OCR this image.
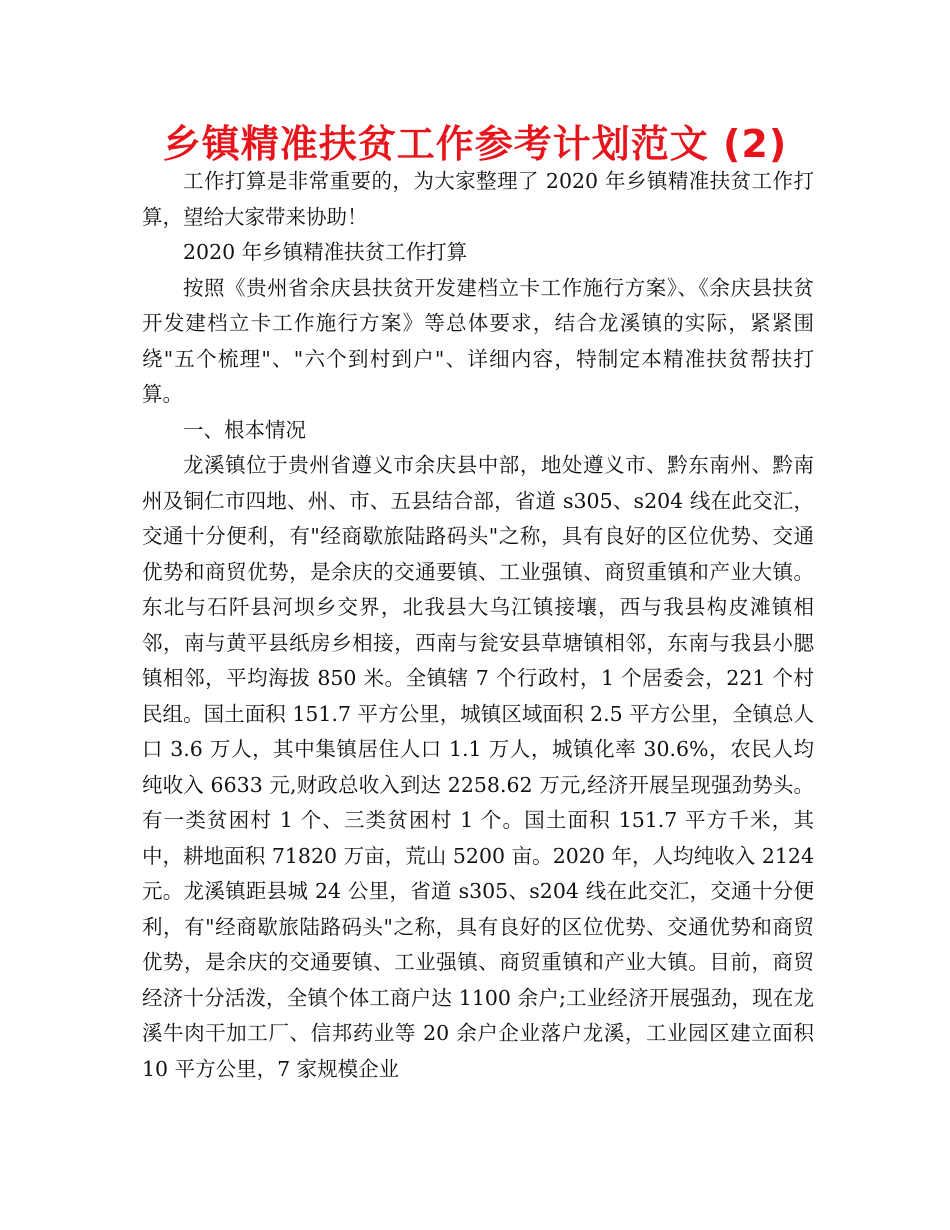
乡镇精准扶贫工作参考计划范文 (2)

工作打算是非常重要的，为大家整理了 2020 年乡镇精准扶贫工作打算，望给大家带来协助！

2020 年乡镇精准扶贫工作打算

按照《贵州省余庆县扶贫开发建档立卡工作施行方案》、《余庆县扶贫开发建档立卡工作施行方案》等总体要求，结合龙溪镇的实际，紧紧围绕"五个梳理"、"六个到村到户"、详细内容，特制定本精准扶贫帮扶打算。

一、根本情况

龙溪镇位于贵州省遵义市余庆县中部，地处遵义市、黔东南州、黔南州及铜仁市四地、州、市、五县结合部，省道 s305、s204 线在此交汇，交通十分便利，有"经商歇旅陆路码头"之称，具有良好的区位优势、交通优势和商贸优势，是余庆的交通要镇、工业强镇、商贸重镇和产业大镇。东北与石阡县河坝乡交界，北我县大乌江镇接壤，西与我县构皮滩镇相邻，南与黄平县纸房乡相接，西南与瓮安县草塘镇相邻，东南与我县小腮镇相邻，平均海拔 850 米。全镇辖 7 个行政村，1 个居委会，221 个村民组。国土面积 151.7 平方公里，城镇区域面积 2.5 平方公里，全镇总人口 3.6 万人，其中集镇居住人口 1.1 万人，城镇化率 30.6%，农民人均纯收入 6633 元,财政总收入到达 2258.62 万元,经济开展呈现强劲势头。有一类贫困村 1 个、三类贫困村 1 个。国土面积 151.7 平方千米，其中，耕地面积 71820 万亩，荒山 5200 亩。2020 年，人均纯收入 2124 元。龙溪镇距县城 24 公里，省道 s305、s204 线在此交汇，交通十分便利，有"经商歇旅陆路码头"之称，具有良好的区位优势、交通优势和商贸优势，是余庆的交通要镇、工业强镇、商贸重镇和产业大镇。目前，商贸经济十分活泼，全镇个体工商户达 1100 余户;工业经济开展强劲，现在龙溪牛肉干加工厂、信邦药业等 20 余户企业落户龙溪，工业园区建立面积 10 平方公里，7 家规模企业
